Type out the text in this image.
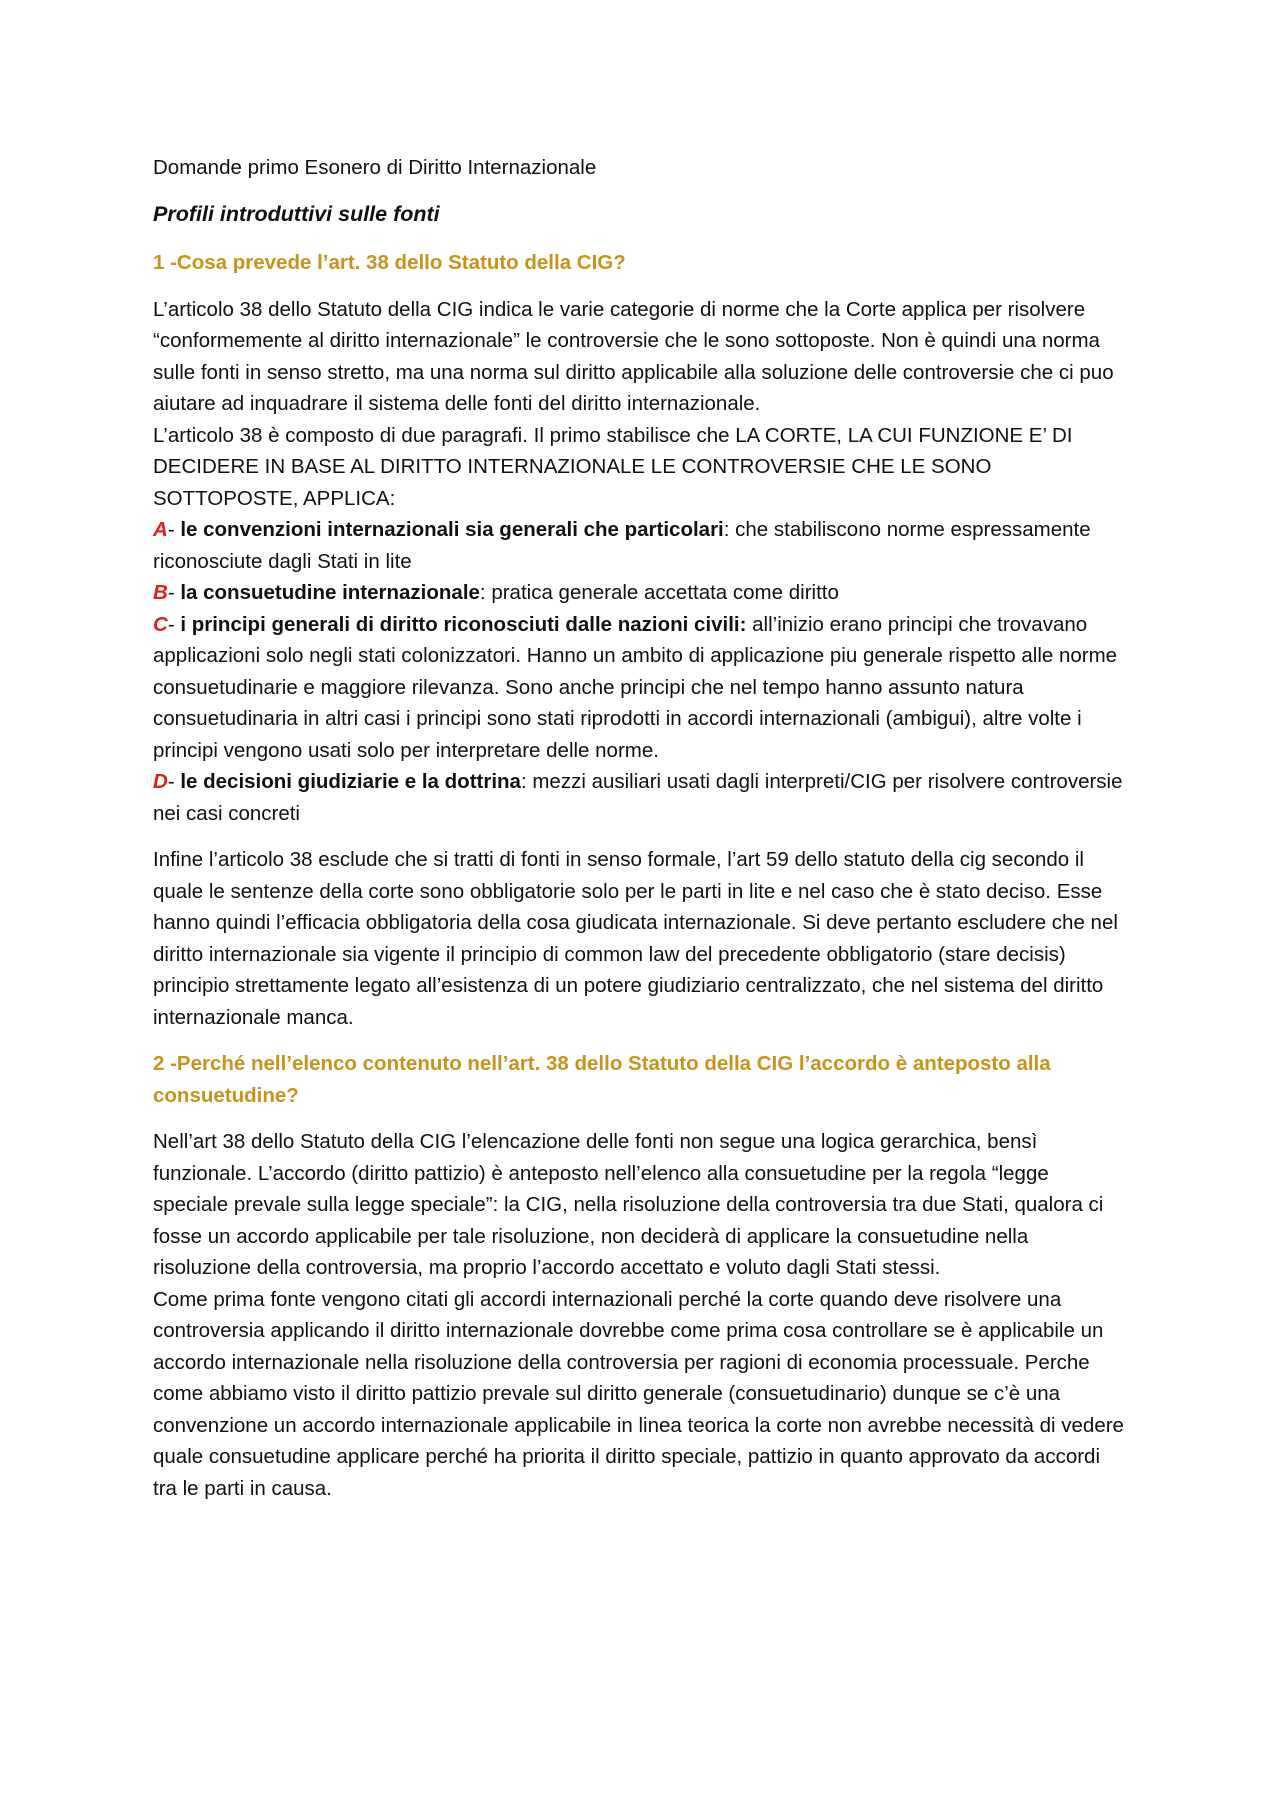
Domande primo Esonero di Diritto Internazionale

Profili introduttivi sulle fonti

1 -Cosa prevede l’art. 38 dello Statuto della CIG?

L’articolo 38 dello Statuto della CIG indica le varie categorie di norme che la Corte applica per risolvere “conformemente al diritto internazionale” le controversie che le sono sottoposte. Non è quindi una norma sulle fonti in senso stretto, ma una norma sul diritto applicabile alla soluzione delle controversie che ci puo aiutare ad inquadrare il sistema delle fonti del diritto internazionale.
L’articolo 38 è composto di due paragrafi. Il primo stabilisce che LA CORTE, LA CUI FUNZIONE E’ DI DECIDERE IN BASE AL DIRITTO INTERNAZIONALE LE CONTROVERSIE CHE LE SONO SOTTOPOSTE, APPLICA:
A- le convenzioni internazionali sia generali che particolari: che stabiliscono norme espressamente riconosciute dagli Stati in lite
B- la consuetudine internazionale: pratica generale accettata come diritto
C- i principi generali di diritto riconosciuti dalle nazioni civili: all’inizio erano principi che trovavano applicazioni solo negli stati colonizzatori. Hanno un ambito di applicazione piu generale rispetto alle norme consuetudinarie e maggiore rilevanza. Sono anche principi che nel tempo hanno assunto natura consuetudinaria in altri casi i principi sono stati riprodotti in accordi internazionali (ambigui), altre volte i principi vengono usati solo per interpretare delle norme.
D- le decisioni giudiziarie e la dottrina: mezzi ausiliari usati dagli interpreti/CIG per risolvere controversie nei casi concreti

Infine l’articolo 38 esclude che si tratti di fonti in senso formale, l’art 59 dello statuto della cig secondo il quale le sentenze della corte sono obbligatorie solo per le parti in lite e nel caso che è stato deciso. Esse hanno quindi l’efficacia obbligatoria della cosa giudicata internazionale. Si deve pertanto escludere che nel diritto internazionale sia vigente il principio di common law del precedente obbligatorio (stare decisis) principio strettamente legato all’esistenza di un potere giudiziario centralizzato, che nel sistema del diritto internazionale manca.

2 -Perché nell’elenco contenuto nell’art. 38 dello Statuto della CIG l’accordo è anteposto alla consuetudine?

Nell’art 38 dello Statuto della CIG l’elencazione delle fonti non segue una logica gerarchica, bensì funzionale. L’accordo (diritto pattizio) è anteposto nell’elenco alla consuetudine per la regola “legge speciale prevale sulla legge speciale”: la CIG, nella risoluzione della controversia tra due Stati, qualora ci fosse un accordo applicabile per tale risoluzione, non deciderà di applicare la consuetudine nella risoluzione della controversia, ma proprio l’accordo accettato e voluto dagli Stati stessi.
Come prima fonte vengono citati gli accordi internazionali perché la corte quando deve risolvere una controversia applicando il diritto internazionale dovrebbe come prima cosa controllare se è applicabile un accordo internazionale nella risoluzione della controversia per ragioni di economia processuale. Perche come abbiamo visto il diritto pattizio prevale sul diritto generale (consuetudinario) dunque se c’è una convenzione un accordo internazionale applicabile in linea teorica la corte non avrebbe necessità di vedere quale consuetudine applicare perché ha priorita il diritto speciale, pattizio in quanto approvato da accordi tra le parti in causa.
